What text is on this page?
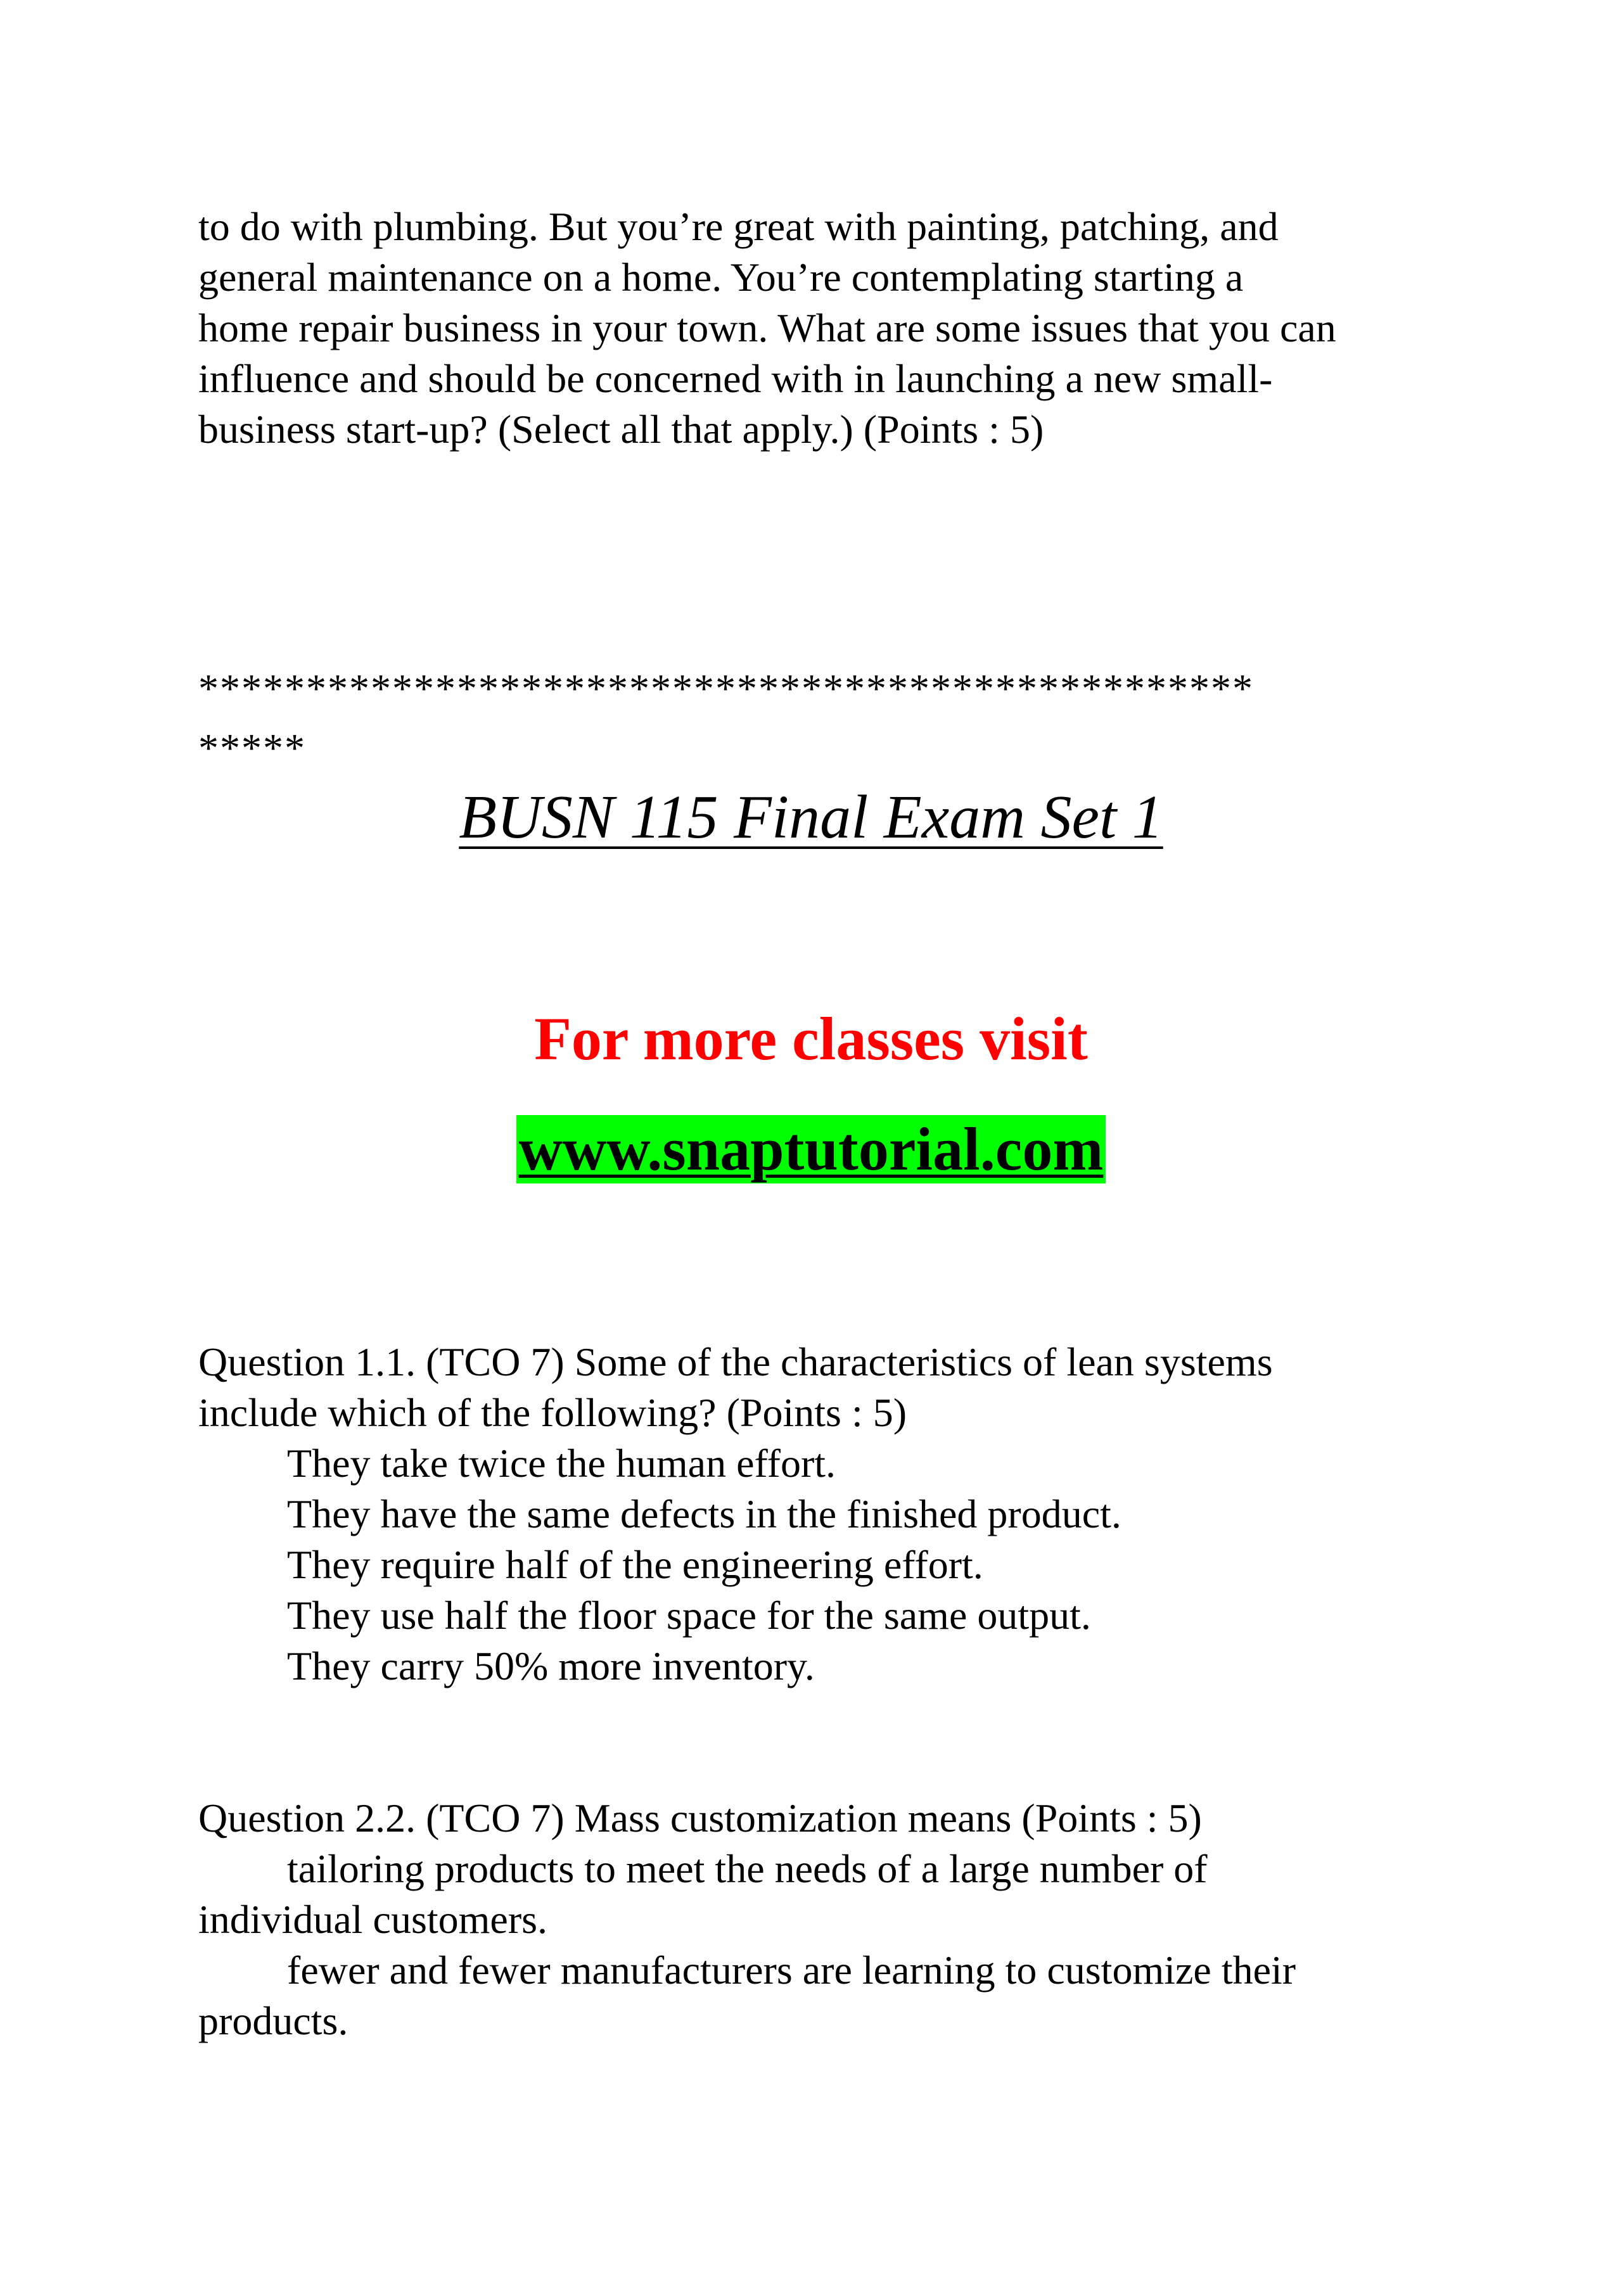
to do with plumbing. But you’re great with painting, patching, and
general maintenance on a home. You’re contemplating starting a
home repair business in your town. What are some issues that you can
influence and should be concerned with in launching a new small-
business start-up? (Select all that apply.) (Points : 5)
*************************************************
*****
BUSN 115 Final Exam Set 1
For more classes visit
www.snaptutorial.com
Question 1.1. (TCO 7) Some of the characteristics of lean systems
include which of the following? (Points : 5)
They take twice the human effort.
They have the same defects in the finished product.
They require half of the engineering effort.
They use half the floor space for the same output.
They carry 50% more inventory.
Question 2.2. (TCO 7) Mass customization means (Points : 5)
tailoring products to meet the needs of a large number of
individual customers.
fewer and fewer manufacturers are learning to customize their
products.
